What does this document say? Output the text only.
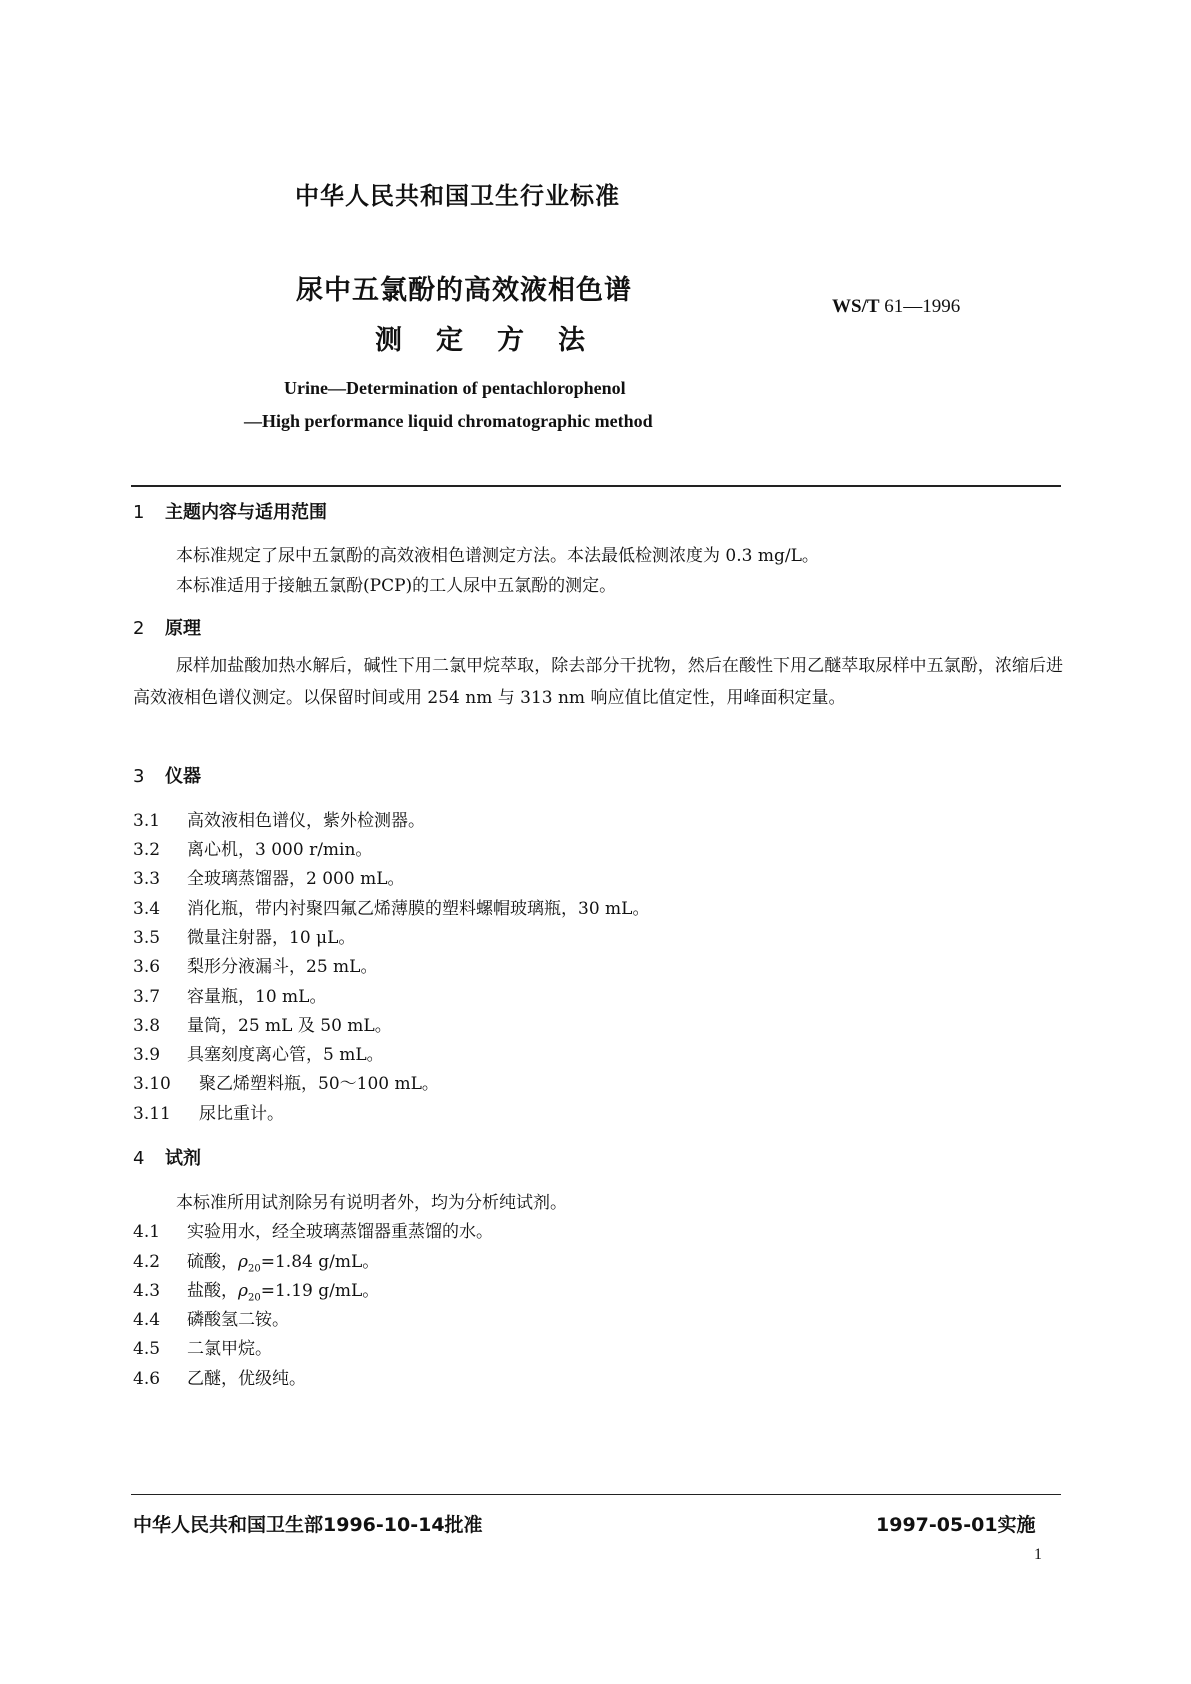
中华人民共和国卫生行业标准
尿中五氯酚的高效液相色谱
测定方法
WS/T 61—1996
Urine—Determination of pentachlorophenol
—High performance liquid chromatographic method
1 主题内容与适用范围
本标准规定了尿中五氯酚的高效液相色谱测定方法。本法最低检测浓度为 0.3 mg/L。
本标准适用于接触五氯酚(PCP)的工人尿中五氯酚的测定。
2 原理
尿样加盐酸加热水解后，碱性下用二氯甲烷萃取，除去部分干扰物，然后在酸性下用乙醚萃取尿样中五氯酚，浓缩后进高效液相色谱仪测定。以保留时间或用 254 nm 与 313 nm 响应值比值定性，用峰面积定量。
3 仪器
3.1 高效液相色谱仪，紫外检测器。
3.2 离心机，3 000 r/min。
3.3 全玻璃蒸馏器，2 000 mL。
3.4 消化瓶，带内衬聚四氟乙烯薄膜的塑料螺帽玻璃瓶，30 mL。
3.5 微量注射器，10 μL。
3.6 梨形分液漏斗，25 mL。
3.7 容量瓶，10 mL。
3.8 量筒，25 mL 及 50 mL。
3.9 具塞刻度离心管，5 mL。
3.10 聚乙烯塑料瓶，50～100 mL。
3.11 尿比重计。
4 试剂
本标准所用试剂除另有说明者外，均为分析纯试剂。
4.1 实验用水，经全玻璃蒸馏器重蒸馏的水。
4.2 硫酸，$\rho_{20}=1.84$ g/mL。
4.3 盐酸，$\rho_{20}=1.19$ g/mL。
4.4 磷酸氢二铵。
4.5 二氯甲烷。
4.6 乙醚，优级纯。
中华人民共和国卫生部1996-10-14批准	1997-05-01实施
1
